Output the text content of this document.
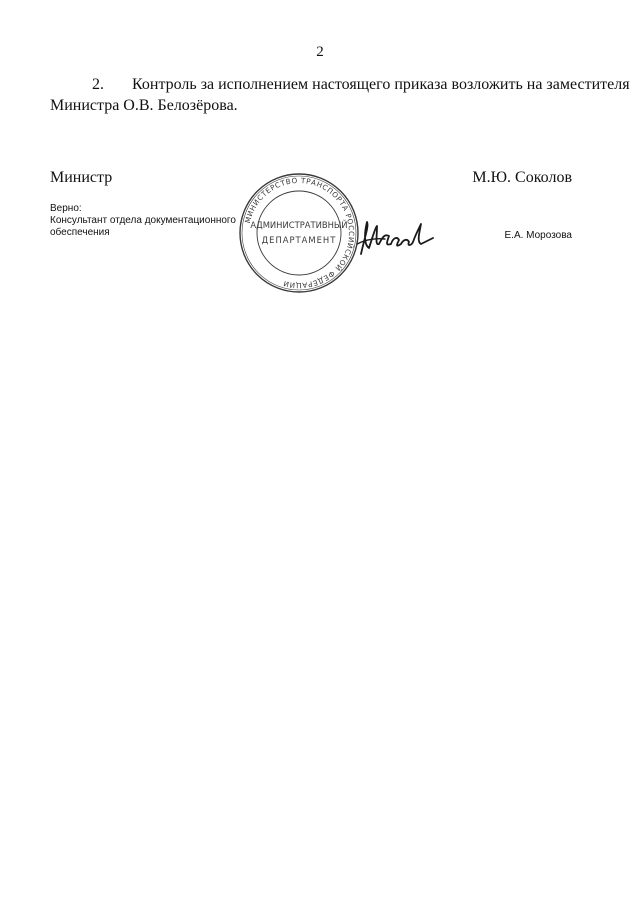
2
2. Контроль за исполнением настоящего приказа возложить на заместителя
Министра О.В. Белозёрова.
Министр	М.Ю. Соколов
Верно:
Консультант отдела документационного
обеспечения	Е.А. Морозова
МИНИСТЕРСТВО ТРАНСПОРТА РОССИЙСКОЙ ФЕДЕРАЦИИ
АДМИНИСТРАТИВНЫЙ
ДЕПАРТАМЕНТ
